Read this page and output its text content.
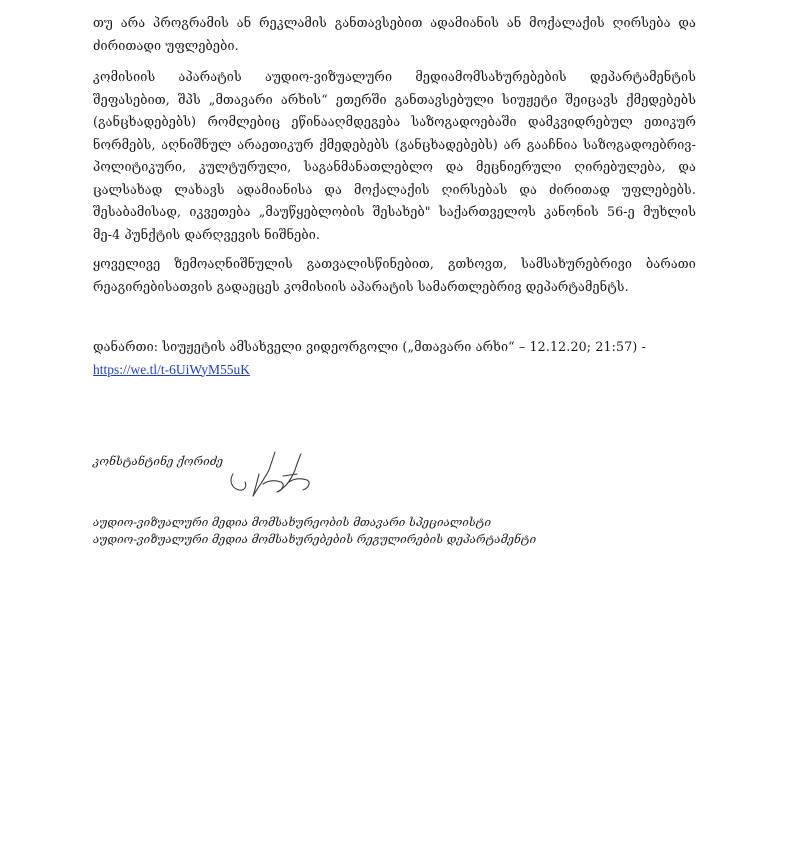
თუ არა პროგრამის ან რეკლამის განთავსებით ადამიანის ან მოქალაქის ღირსება და ძირითადი უფლებები.
კომისიის აპარატის აუდიო-ვიზუალური მედიამომსახურებების დეპარტამენტის შეფასებით, შპს „მთავარი არხის“ ეთერში განთავსებული სიუჟეტი შეიცავს ქმედებებს (განცხადებებს) რომლებიც ეწინააღმდეგება საზოგადოებაში დამკვიდრებულ ეთიკურ ნორმებს, აღნიშნულ არაეთიკურ ქმედებებს (განცხადებებს) არ გააჩნია საზოგადოებრივ-პოლიტიკური, კულტურული, საგანმანათლებლო და მეცნიერული ღირებულება, და ცალსახად ლახავს ადამიანისა და მოქალაქის ღირსებას და ძირითად უფლებებს. შესაბამისად, იკვეთება „მაუწყებლობის შესახებ" საქართველოს კანონის 56-ე მუხლის მე-4 პუნქტის დარღვევის ნიშნები.
ყოველივე ზემოაღნიშნულის გათვალისწინებით, გთხოვთ, სამსახურებრივი ბარათი რეაგირებისათვის გადაეცეს კომისიის აპარატის სამართლებრივ დეპარტამენტს.
დანართი: სიუჟეტის ამსახველი ვიდეორგოლი („მთავარი არხი“ – 12.12.20; 21:57) -
https://we.tl/t-6UiWyM55uK
კონსტანტინე ქორიძე
აუდიო-ვიზუალური მედია მომსახურეობის მთავარი სპეციალისტი
აუდიო-ვიზუალური მედია მომსახურებების რეგულირების დეპარტამენტი
